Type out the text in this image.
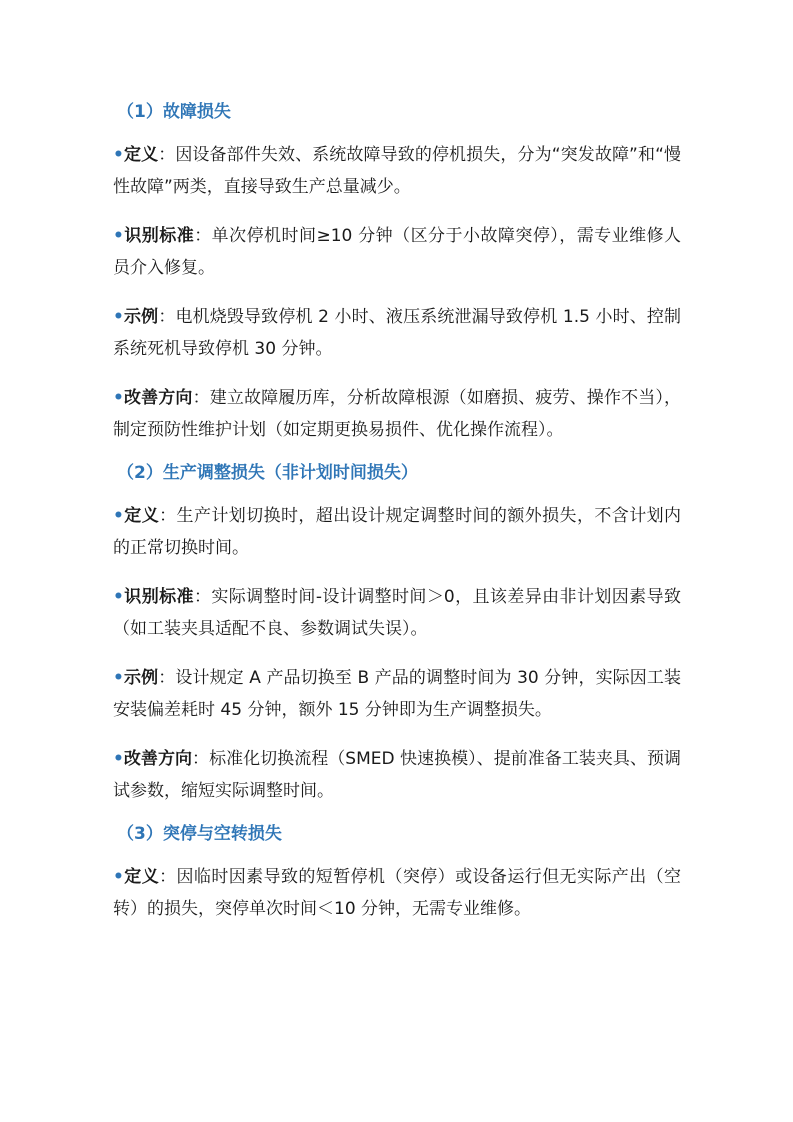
（1）故障损失

•定义：因设备部件失效、系统故障导致的停机损失，分为“突发故障”和“慢性故障”两类，直接导致生产总量减少。

•识别标准：单次停机时间≥10 分钟（区分于小故障突停），需专业维修人员介入修复。

•示例：电机烧毁导致停机 2 小时、液压系统泄漏导致停机 1.5 小时、控制系统死机导致停机 30 分钟。

•改善方向：建立故障履历库，分析故障根源（如磨损、疲劳、操作不当），制定预防性维护计划（如定期更换易损件、优化操作流程）。

（2）生产调整损失（非计划时间损失）

•定义：生产计划切换时，超出设计规定调整时间的额外损失，不含计划内的正常切换时间。

•识别标准：实际调整时间-设计调整时间＞0，且该差异由非计划因素导致（如工装夹具适配不良、参数调试失误）。

•示例：设计规定 A 产品切换至 B 产品的调整时间为 30 分钟，实际因工装安装偏差耗时 45 分钟，额外 15 分钟即为生产调整损失。

•改善方向：标准化切换流程（SMED 快速换模）、提前准备工装夹具、预调试参数，缩短实际调整时间。

（3）突停与空转损失

•定义：因临时因素导致的短暂停机（突停）或设备运行但无实际产出（空转）的损失，突停单次时间＜10 分钟，无需专业维修。
